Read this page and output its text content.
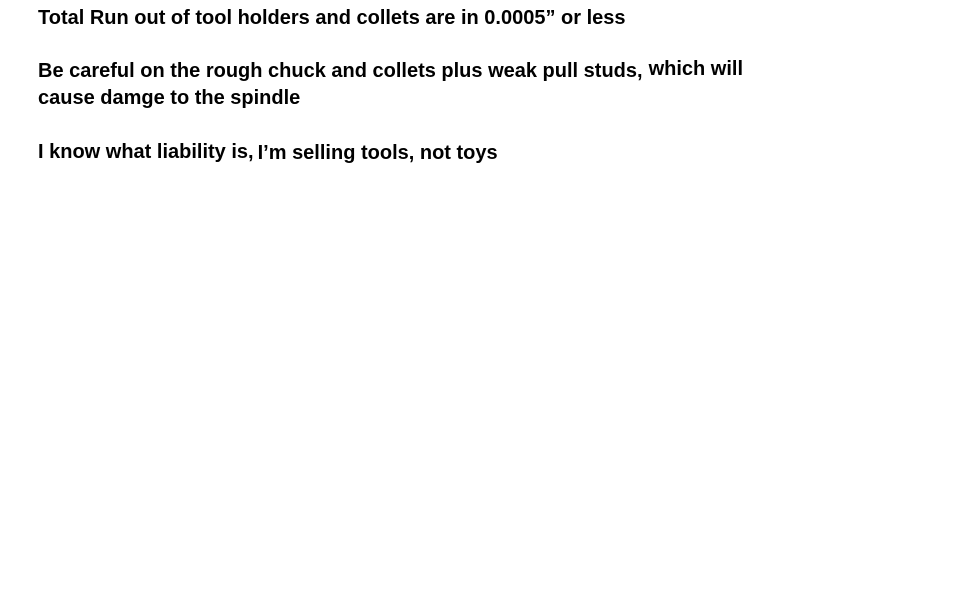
Total Run out of tool holders and collets are in 0.0005” or less
Be careful on the rough chuck and collets plus weak pull studs, which will
cause damge to the spindle
I know what liability is, I’m selling tools, not toys
